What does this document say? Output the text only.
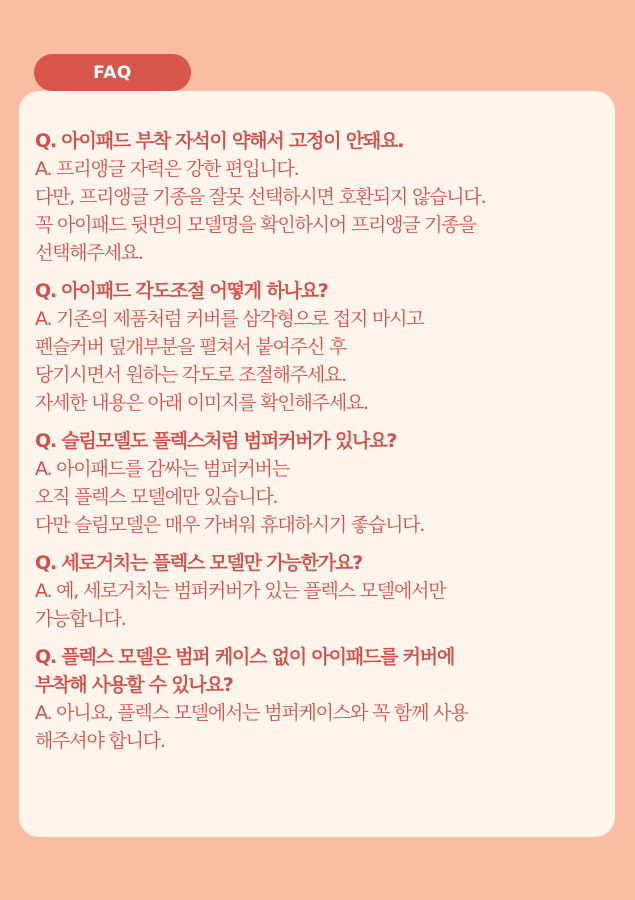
FAQ
Q. 아이패드 부착 자석이 약해서 고정이 안돼요.
A. 프리앵글 자력은 강한 편입니다.
다만, 프리앵글 기종을 잘못 선택하시면 호환되지 않습니다.
꼭 아이패드 뒷면의 모델명을 확인하시어 프리앵글 기종을
선택해주세요.
Q. 아이패드 각도조절 어떻게 하나요?
A. 기존의 제품처럼 커버를 삼각형으로 접지 마시고
펜슬커버 덮개부분을 펼쳐서 붙여주신 후
당기시면서 원하는 각도로 조절해주세요.
자세한 내용은 아래 이미지를 확인해주세요.
Q. 슬림모델도 플렉스처럼 범퍼커버가 있나요?
A. 아이패드를 감싸는 범퍼커버는
오직 플렉스 모델에만 있습니다.
다만 슬림모델은 매우 가벼워 휴대하시기 좋습니다.
Q. 세로거치는 플렉스 모델만 가능한가요?
A. 예, 세로거치는 범퍼커버가 있는 플렉스 모델에서만
가능합니다.
Q. 플렉스 모델은 범퍼 케이스 없이 아이패드를 커버에
부착해 사용할 수 있나요?
A. 아니요, 플렉스 모델에서는 범퍼케이스와 꼭 함께 사용
해주셔야 합니다.
